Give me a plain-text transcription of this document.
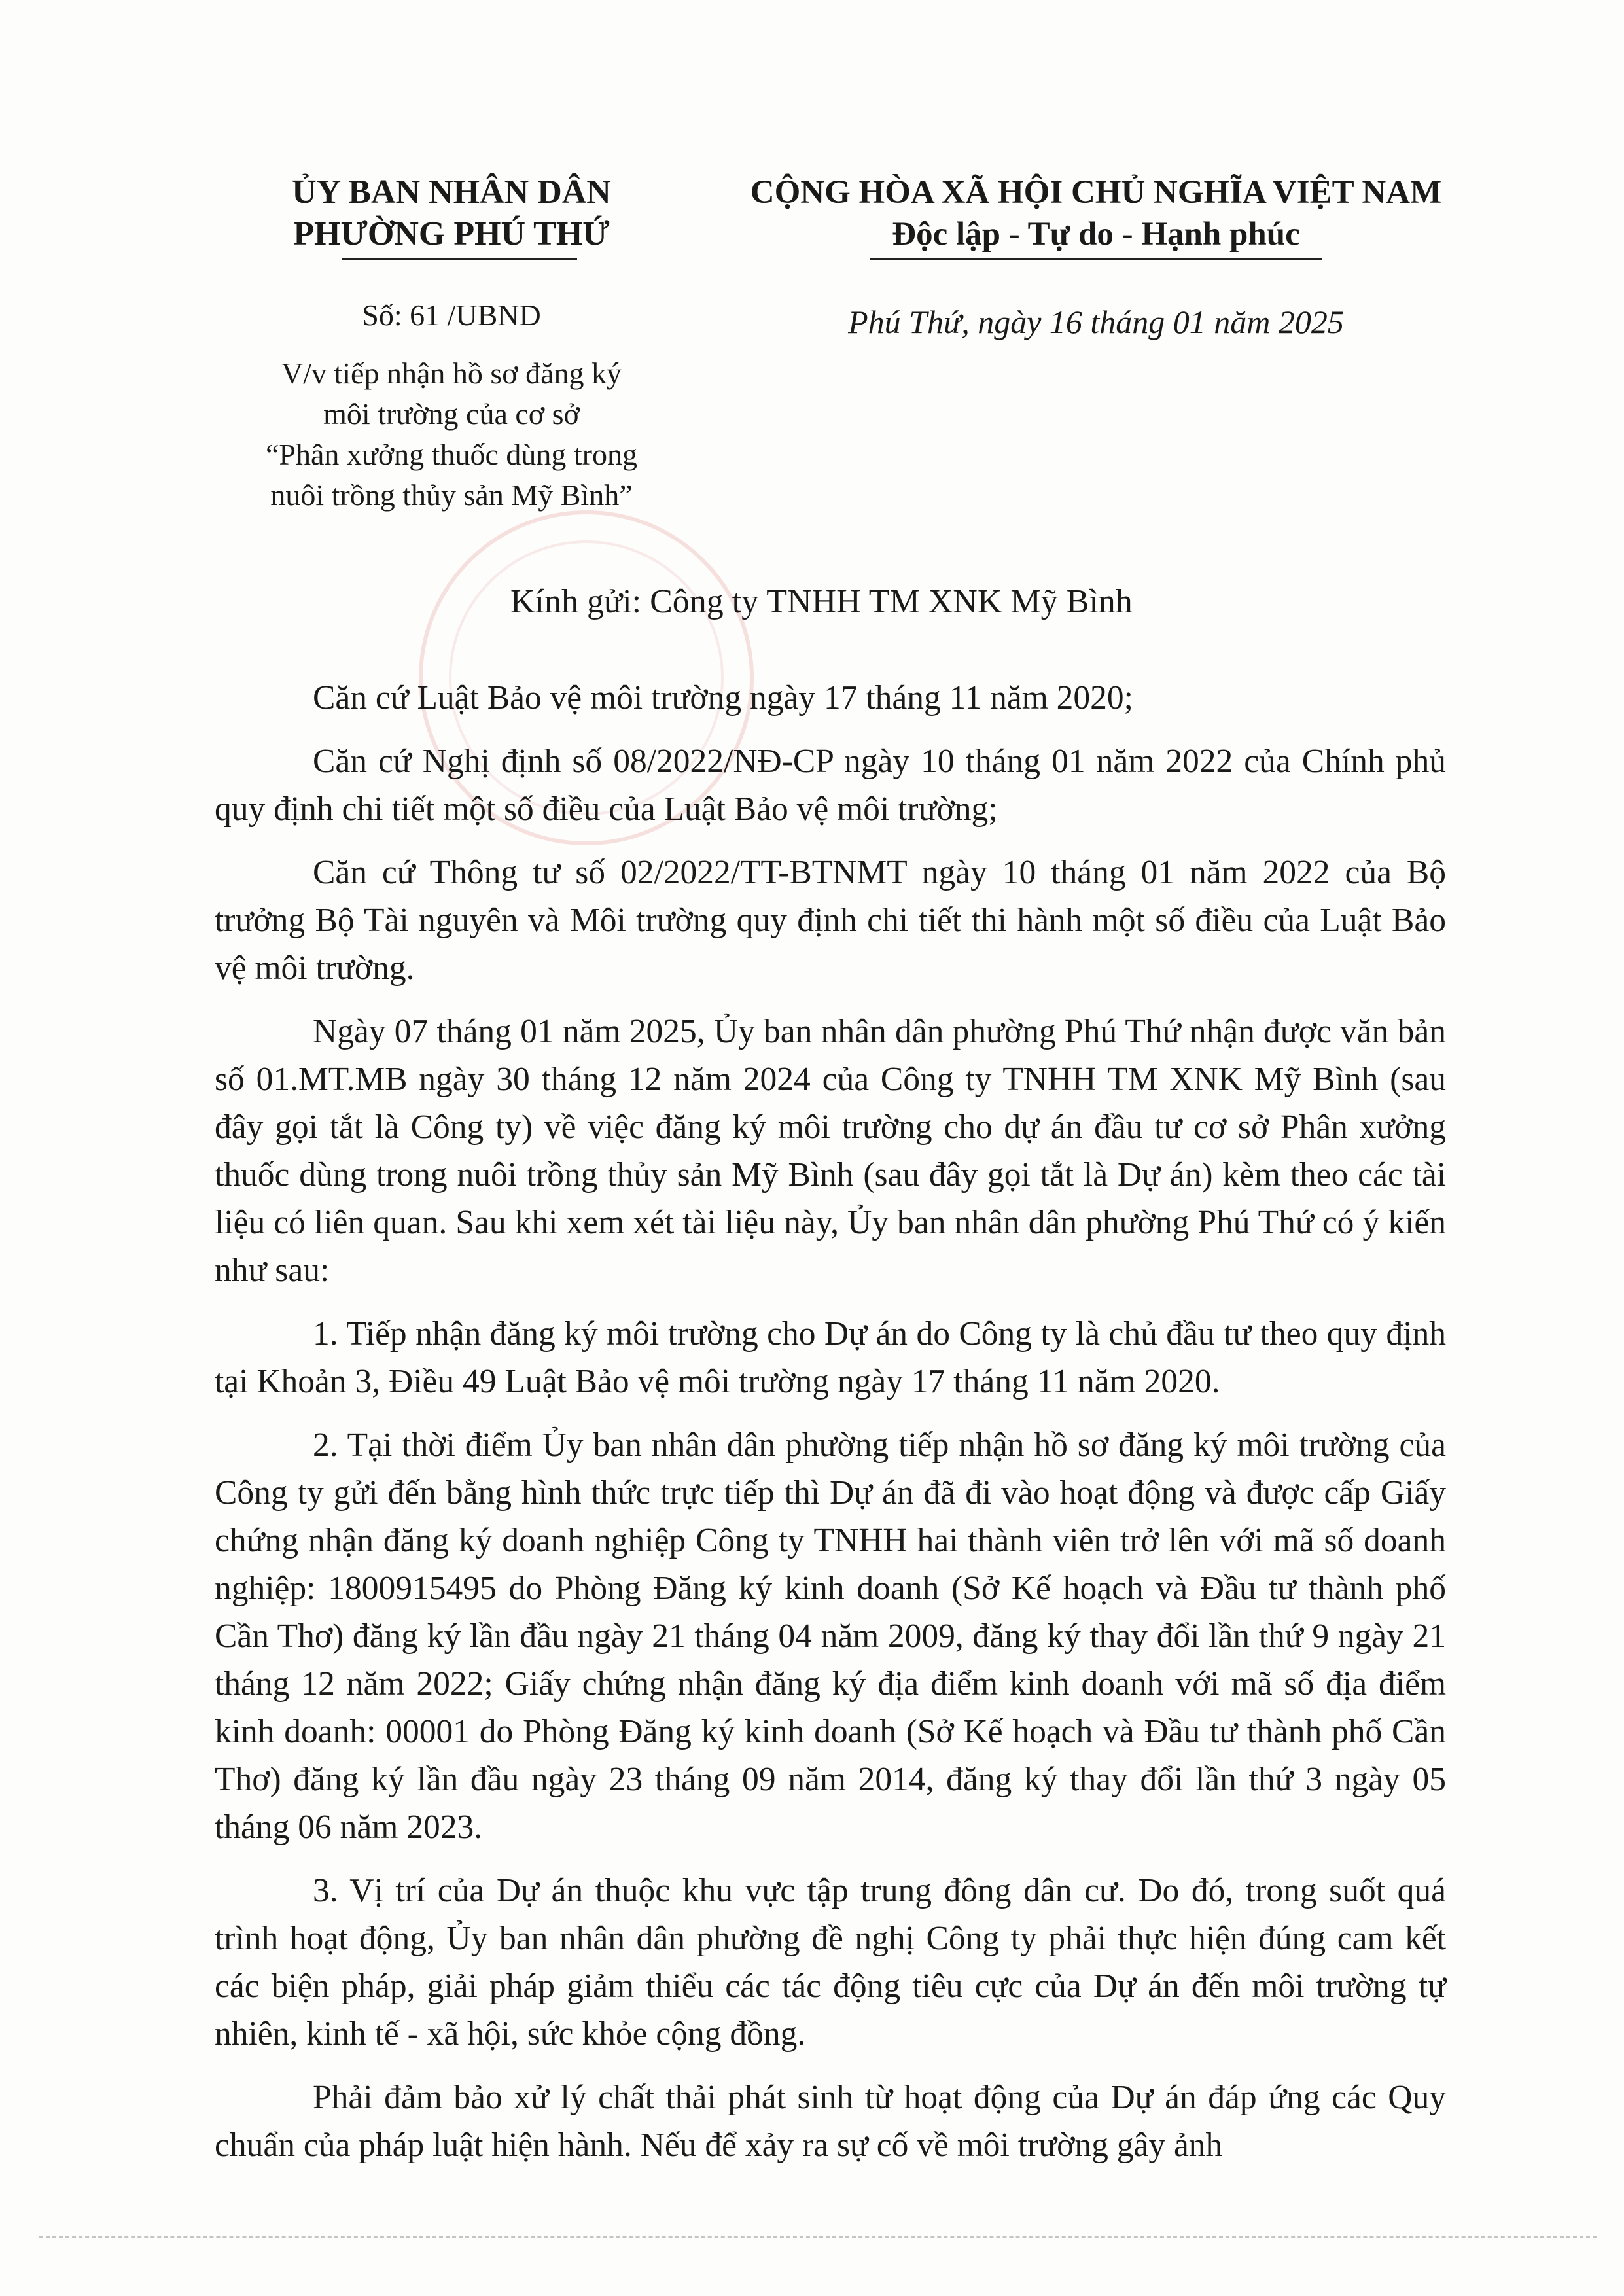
ỦY BAN NHÂN DÂN
PHƯỜNG PHÚ THỨ
CỘNG HÒA XÃ HỘI CHỦ NGHĨA VIỆT NAM
Độc lập - Tự do - Hạnh phúc
Số: 61 /UBND	Phú Thứ, ngày 16 tháng 01 năm 2025
V/v tiếp nhận hồ sơ đăng ký
môi trường của cơ sở
“Phân xưởng thuốc dùng trong
nuôi trồng thủy sản Mỹ Bình”
Kính gửi: Công ty TNHH TM XNK Mỹ Bình

Căn cứ Luật Bảo vệ môi trường ngày 17 tháng 11 năm 2020;

Căn cứ Nghị định số 08/2022/NĐ-CP ngày 10 tháng 01 năm 2022 của Chính phủ quy định chi tiết một số điều của Luật Bảo vệ môi trường;

Căn cứ Thông tư số 02/2022/TT-BTNMT ngày 10 tháng 01 năm 2022 của Bộ trưởng Bộ Tài nguyên và Môi trường quy định chi tiết thi hành một số điều của Luật Bảo vệ môi trường.

Ngày 07 tháng 01 năm 2025, Ủy ban nhân dân phường Phú Thứ nhận được văn bản số 01.MT.MB ngày 30 tháng 12 năm 2024 của Công ty TNHH TM XNK Mỹ Bình (sau đây gọi tắt là Công ty) về việc đăng ký môi trường cho dự án đầu tư cơ sở Phân xưởng thuốc dùng trong nuôi trồng thủy sản Mỹ Bình (sau đây gọi tắt là Dự án) kèm theo các tài liệu có liên quan. Sau khi xem xét tài liệu này, Ủy ban nhân dân phường Phú Thứ có ý kiến như sau:

1. Tiếp nhận đăng ký môi trường cho Dự án do Công ty là chủ đầu tư theo quy định tại Khoản 3, Điều 49 Luật Bảo vệ môi trường ngày 17 tháng 11 năm 2020.

2. Tại thời điểm Ủy ban nhân dân phường tiếp nhận hồ sơ đăng ký môi trường của Công ty gửi đến bằng hình thức trực tiếp thì Dự án đã đi vào hoạt động và được cấp Giấy chứng nhận đăng ký doanh nghiệp Công ty TNHH hai thành viên trở lên với mã số doanh nghiệp: 1800915495 do Phòng Đăng ký kinh doanh (Sở Kế hoạch và Đầu tư thành phố Cần Thơ) đăng ký lần đầu ngày 21 tháng 04 năm 2009, đăng ký thay đổi lần thứ 9 ngày 21 tháng 12 năm 2022; Giấy chứng nhận đăng ký địa điểm kinh doanh với mã số địa điểm kinh doanh: 00001 do Phòng Đăng ký kinh doanh (Sở Kế hoạch và Đầu tư thành phố Cần Thơ) đăng ký lần đầu ngày 23 tháng 09 năm 2014, đăng ký thay đổi lần thứ 3 ngày 05 tháng 06 năm 2023.

3. Vị trí của Dự án thuộc khu vực tập trung đông dân cư. Do đó, trong suốt quá trình hoạt động, Ủy ban nhân dân phường đề nghị Công ty phải thực hiện đúng cam kết các biện pháp, giải pháp giảm thiểu các tác động tiêu cực của Dự án đến môi trường tự nhiên, kinh tế - xã hội, sức khỏe cộng đồng.

Phải đảm bảo xử lý chất thải phát sinh từ hoạt động của Dự án đáp ứng các Quy chuẩn của pháp luật hiện hành. Nếu để xảy ra sự cố về môi trường gây ảnh
